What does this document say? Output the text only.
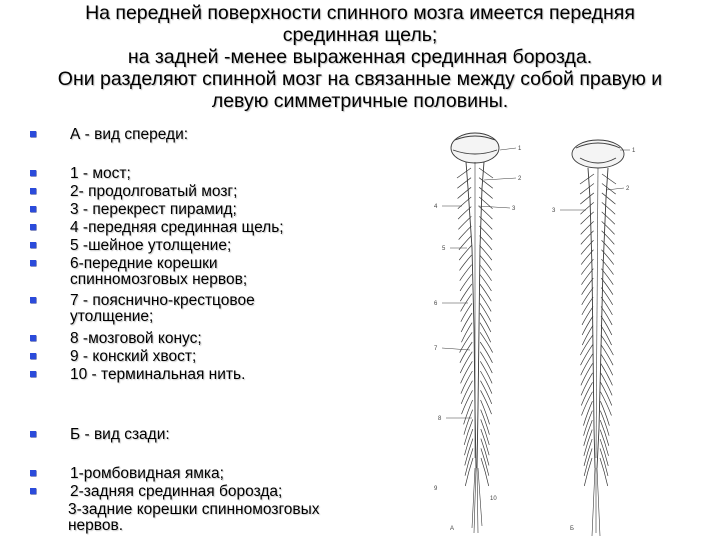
На передней поверхности спинного мозга имеется передняя
срединная щель;
на задней -менее выраженная срединная борозда.
Они разделяют спинной мозг на связанные между собой правую и
левую симметричные половины.
А - вид спереди:
1 - мост;
2- продолговатый мозг;
3 - перекрест пирамид;
4 -передняя срединная щель;
5 -шейное утолщение;
6-передние корешки
спинномозговых нервов;
7 - пояснично-крестцовое
утолщение;
8 -мозговой конус;
9 - конский хвост;
10 - терминальная нить.
Б - вид сзади:
1-ромбовидная ямка;
2-задняя срединная борозда;
3-задние корешки спинномозговых
нервов.
1
2
3
4
5
6
7
8
9
10
1
2
3
A	Б
